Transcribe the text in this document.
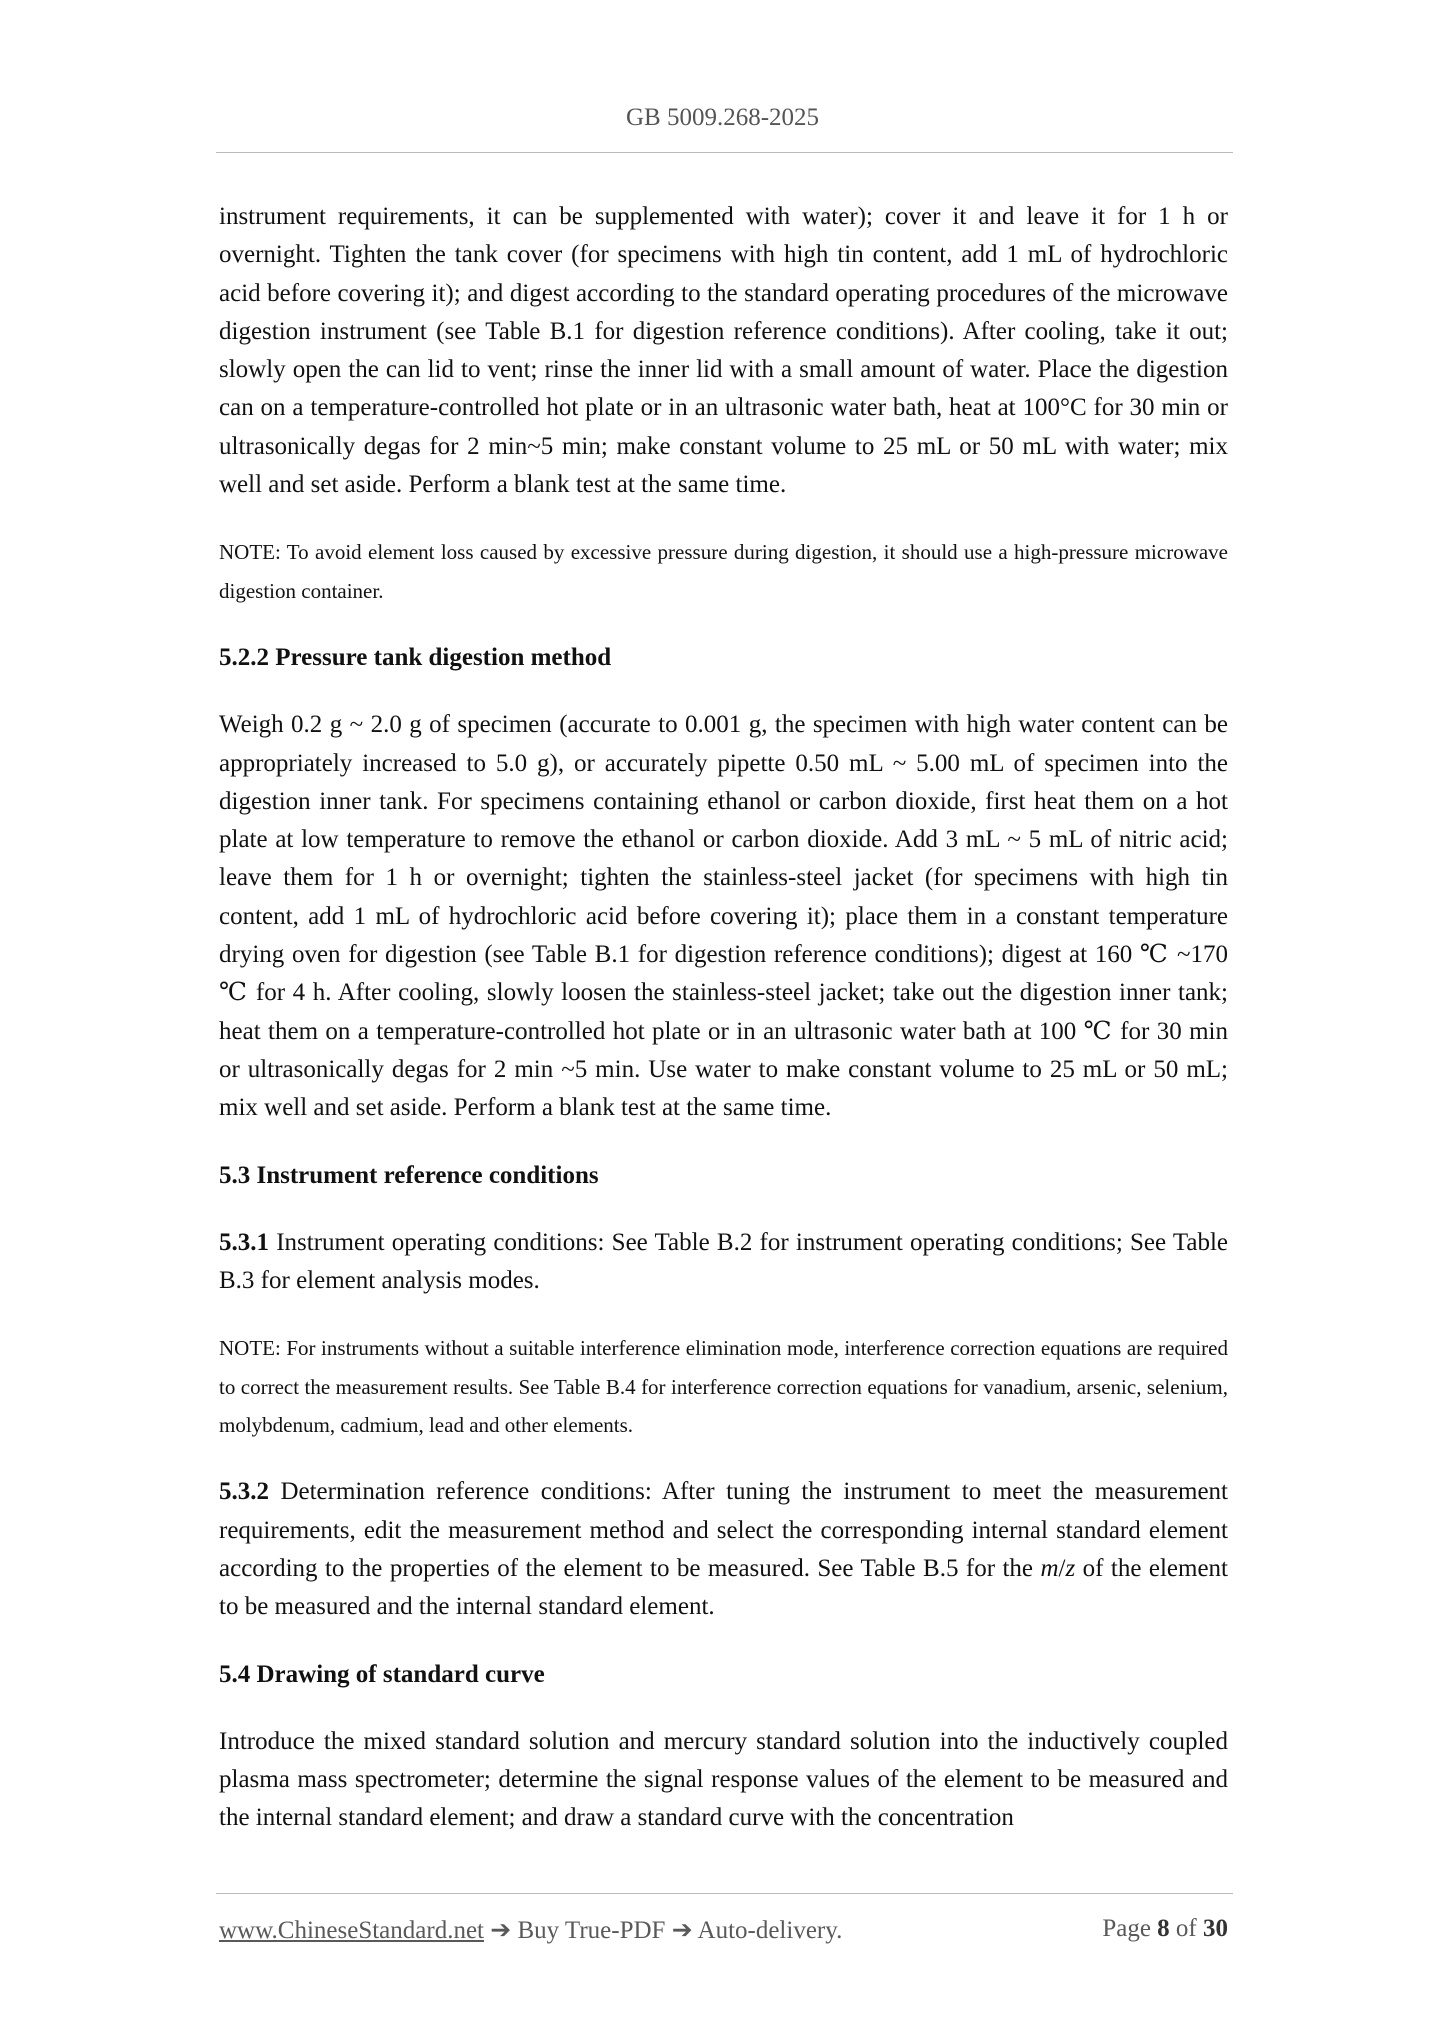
GB 5009.268-2025

instrument requirements, it can be supplemented with water); cover it and leave it for 1 h or overnight. Tighten the tank cover (for specimens with high tin content, add 1 mL of hydrochloric acid before covering it); and digest according to the standard operating procedures of the microwave digestion instrument (see Table B.1 for digestion reference conditions). After cooling, take it out; slowly open the can lid to vent; rinse the inner lid with a small amount of water. Place the digestion can on a temperature-controlled hot plate or in an ultrasonic water bath, heat at 100°C for 30 min or ultrasonically degas for 2 min~5 min; make constant volume to 25 mL or 50 mL with water; mix well and set aside. Perform a blank test at the same time.

NOTE: To avoid element loss caused by excessive pressure during digestion, it should use a high-pressure microwave digestion container.

5.2.2 Pressure tank digestion method

Weigh 0.2 g ~ 2.0 g of specimen (accurate to 0.001 g, the specimen with high water content can be appropriately increased to 5.0 g), or accurately pipette 0.50 mL ~ 5.00 mL of specimen into the digestion inner tank. For specimens containing ethanol or carbon dioxide, first heat them on a hot plate at low temperature to remove the ethanol or carbon dioxide. Add 3 mL ~ 5 mL of nitric acid; leave them for 1 h or overnight; tighten the stainless-steel jacket (for specimens with high tin content, add 1 mL of hydrochloric acid before covering it); place them in a constant temperature drying oven for digestion (see Table B.1 for digestion reference conditions); digest at 160 ℃ ~170 ℃ for 4 h. After cooling, slowly loosen the stainless-steel jacket; take out the digestion inner tank; heat them on a temperature-controlled hot plate or in an ultrasonic water bath at 100 ℃ for 30 min or ultrasonically degas for 2 min ~5 min. Use water to make constant volume to 25 mL or 50 mL; mix well and set aside. Perform a blank test at the same time.

5.3 Instrument reference conditions

5.3.1 Instrument operating conditions: See Table B.2 for instrument operating conditions; See Table B.3 for element analysis modes.

NOTE: For instruments without a suitable interference elimination mode, interference correction equations are required to correct the measurement results. See Table B.4 for interference correction equations for vanadium, arsenic, selenium, molybdenum, cadmium, lead and other elements.

5.3.2 Determination reference conditions: After tuning the instrument to meet the measurement requirements, edit the measurement method and select the corresponding internal standard element according to the properties of the element to be measured. See Table B.5 for the m/z of the element to be measured and the internal standard element.

5.4 Drawing of standard curve

Introduce the mixed standard solution and mercury standard solution into the inductively coupled plasma mass spectrometer; determine the signal response values of the element to be measured and the internal standard element; and draw a standard curve with the concentration

www.ChineseStandard.net ➔ Buy True-PDF ➔ Auto-delivery.	Page 8 of 30
